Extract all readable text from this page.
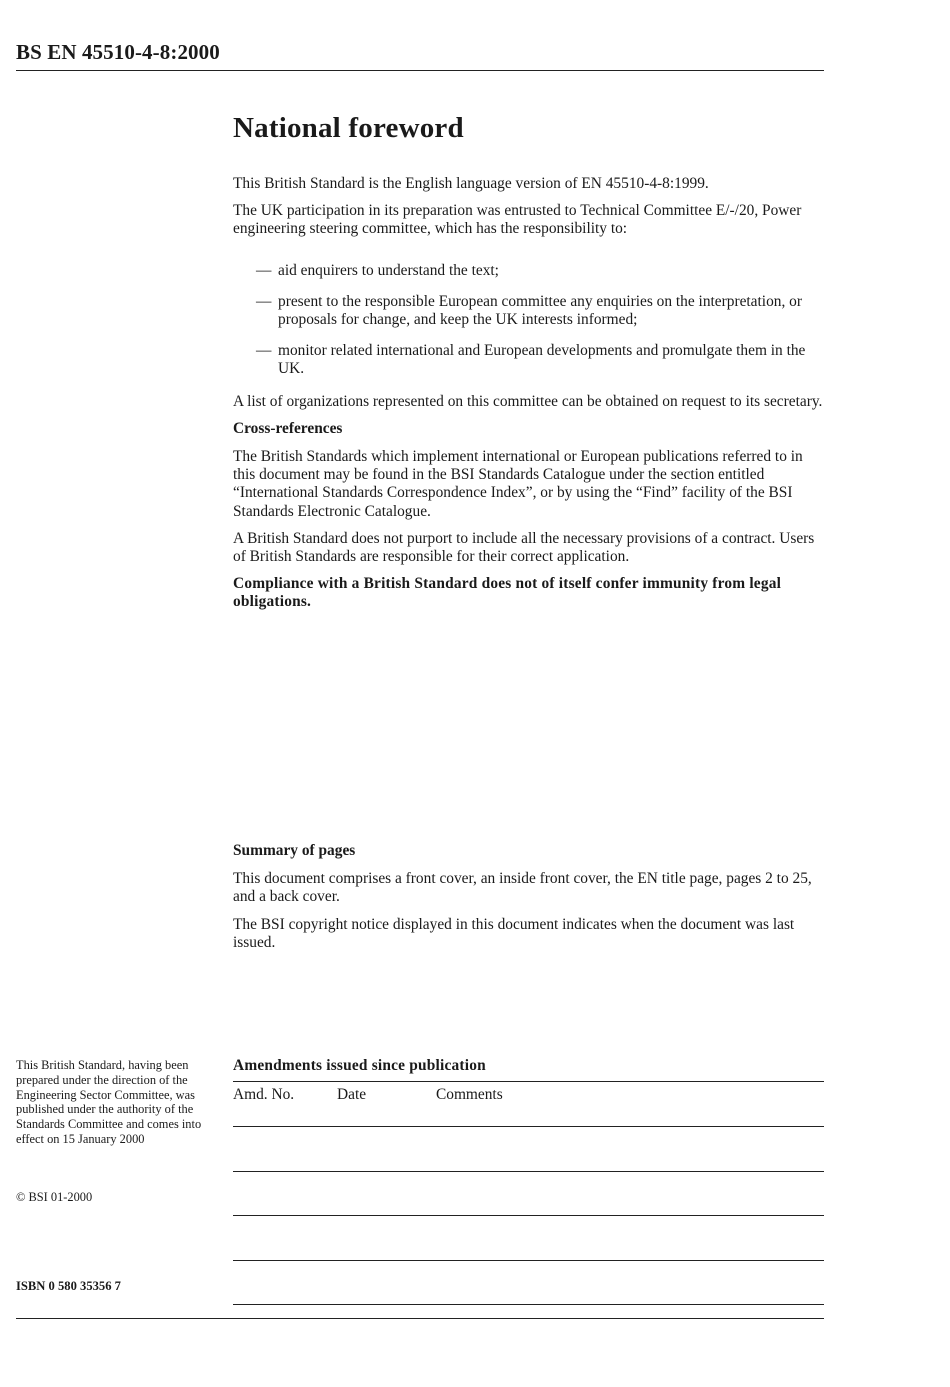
BS EN 45510-4-8:2000
National foreword

This British Standard is the English language version of EN 45510-4-8:1999.

The UK participation in its preparation was entrusted to Technical Committee E/-/20, Power engineering steering committee, which has the responsibility to:

— aid enquirers to understand the text;
— present to the responsible European committee any enquiries on the interpretation, or proposals for change, and keep the UK interests informed;
— monitor related international and European developments and promulgate them in the UK.

A list of organizations represented on this committee can be obtained on request to its secretary.

Cross-references

The British Standards which implement international or European publications referred to in this document may be found in the BSI Standards Catalogue under the section entitled “International Standards Correspondence Index”, or by using the “Find” facility of the BSI Standards Electronic Catalogue.

A British Standard does not purport to include all the necessary provisions of a contract. Users of British Standards are responsible for their correct application.

Compliance with a British Standard does not of itself confer immunity from legal obligations.

Summary of pages

This document comprises a front cover, an inside front cover, the EN title page, pages 2 to 25, and a back cover.

The BSI copyright notice displayed in this document indicates when the document was last issued.

This British Standard, having been prepared under the direction of the Engineering Sector Committee, was published under the authority of the Standards Committee and comes into effect on 15 January 2000
© BSI 01-2000
ISBN 0 580 35356 7

Amendments issued since publication

Amd. No.	Date	Comments
